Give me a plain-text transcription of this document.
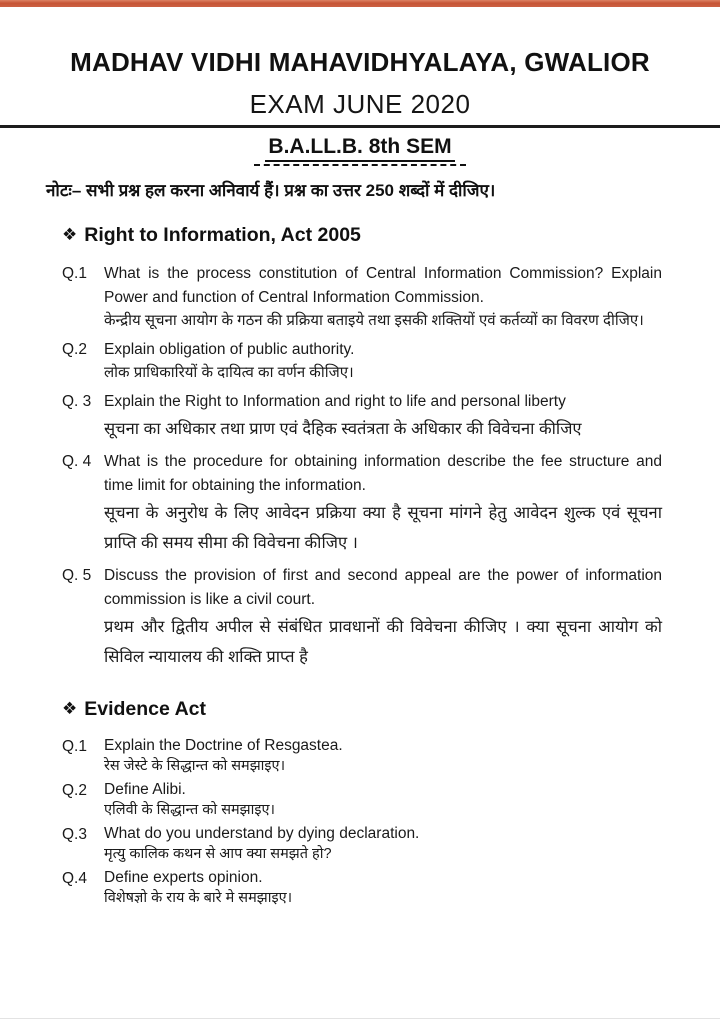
MADHAV VIDHI MAHAVIDHYALAYA, GWALIOR
EXAM JUNE 2020
B.A.LL.B. 8th SEM
नोटः– सभी प्रश्न हल करना अनिवार्य हैं। प्रश्न का उत्तर 250 शब्दों में दीजिए।
❖ Right to Information, Act 2005
Q.1	What is the process constitution of Central Information Commission? Explain Power and function of Central Information Commission.

केन्द्रीय सूचना आयोग के गठन की प्रक्रिया बताइये तथा इसकी शक्तियों एवं कर्तव्यों का विवरण दीजिए।

Q.2	Explain obligation of public authority.

लोक प्राधिकारियों के दायित्व का वर्णन कीजिए।

Q. 3 Explain the Right to Information and right to life and personal liberty

सूचना का अधिकार तथा प्राण एवं दैहिक स्वतंत्रता के अधिकार की विवेचना कीजिए

Q. 4 What is the procedure for obtaining information describe the fee structure and time limit for obtaining the information.

सूचना के अनुरोध के लिए आवेदन प्रक्रिया क्या है सूचना मांगने हेतु आवेदन शुल्क एवं सूचना प्राप्ति की समय सीमा की विवेचना कीजिए ।

Q. 5 Discuss the provision of first and second appeal are the power of information commission is like a civil court.

प्रथम और द्वितीय अपील से संबंधित प्रावधानों की विवेचना कीजिए । क्या सूचना आयोग को सिविल न्यायालय की शक्ति प्राप्त है

❖ Evidence Act
Q.1	Explain the Doctrine of Resgastea.

रेस जेस्टे के सिद्धान्त को समझाइए।

Q.2	Define Alibi.

एलिवी के सिद्धान्त को समझाइए।

Q.3	What do you understand by dying declaration.

मृत्यु कालिक कथन से आप क्या समझते हो?

Q.4	Define experts opinion.

विशेषज्ञो के राय के बारे मे समझाइए।
